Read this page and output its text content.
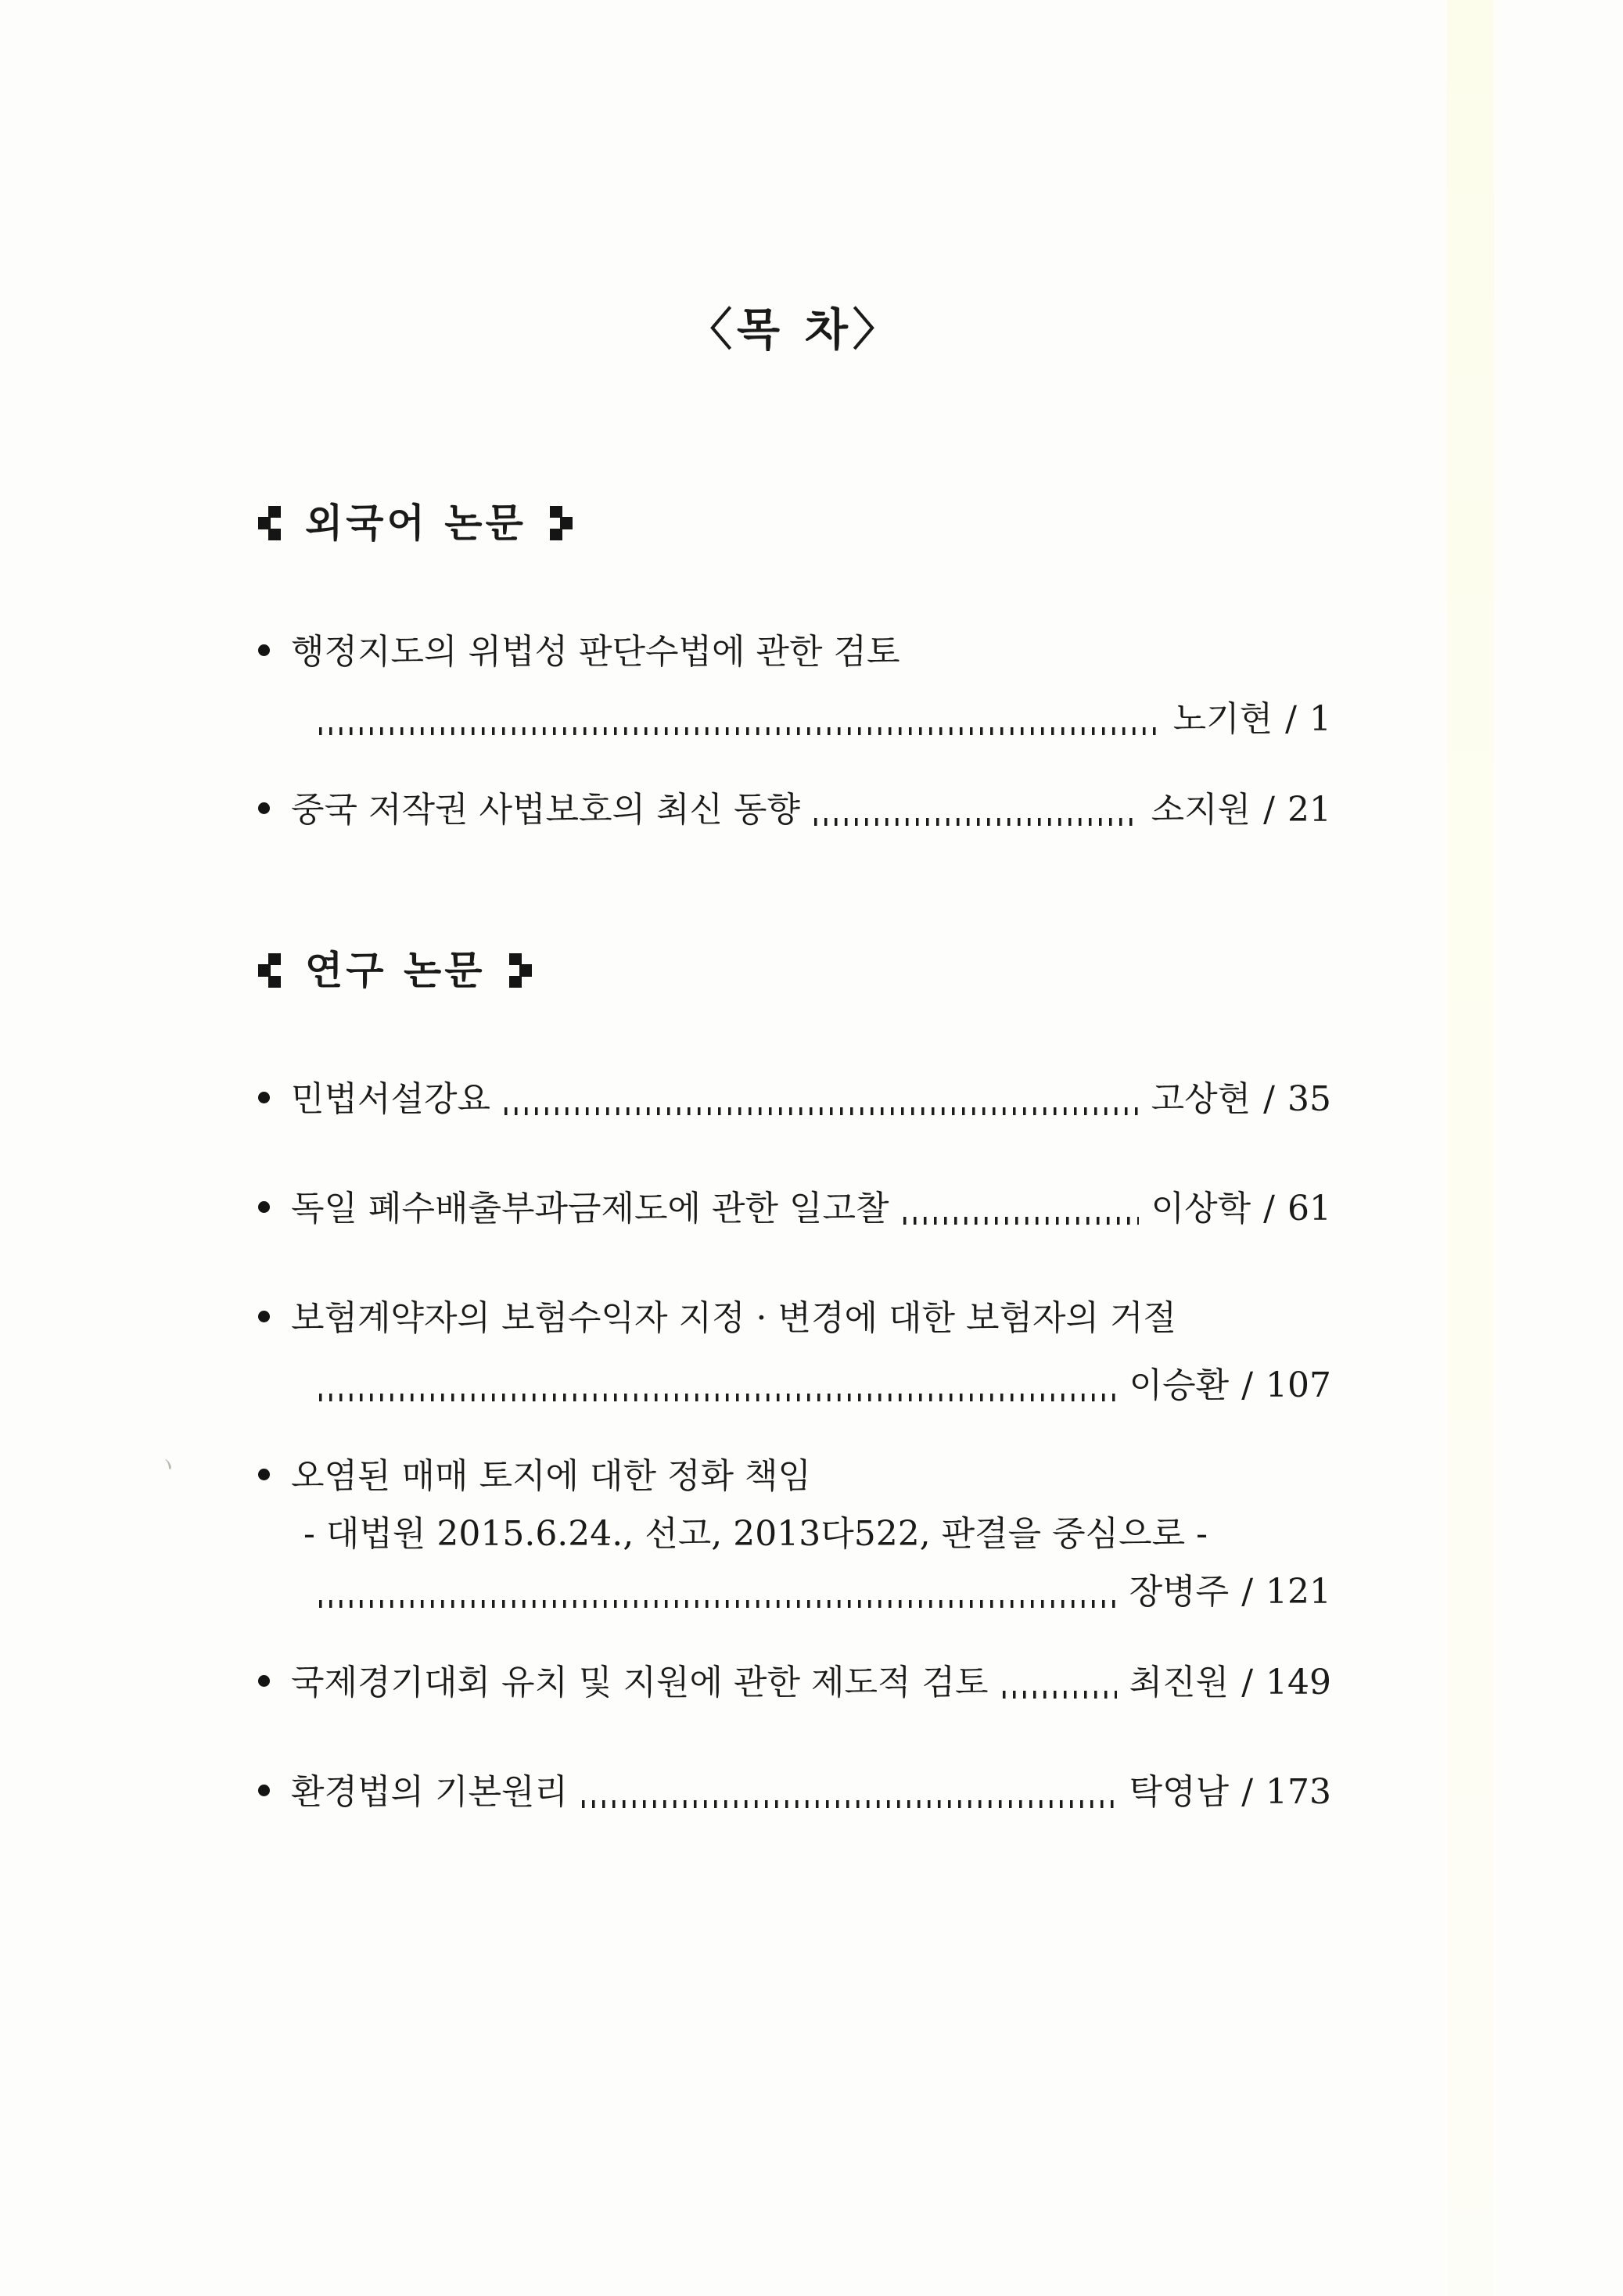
ヽ
〈목 차〉
외국어 논문
행정지도의 위법성 판단수법에 관한 검토
노기현 / 1
중국 저작권 사법보호의 최신 동향	소지원 / 21
연구 논문
민법서설강요	고상현 / 35
독일 폐수배출부과금제도에 관한 일고찰	이상학 / 61
보험계약자의 보험수익자 지정 · 변경에 대한 보험자의 거절
이승환 / 107
오염된 매매 토지에 대한 정화 책임
- 대법원 2015.6.24., 선고, 2013다522, 판결을 중심으로 -
장병주 / 121
국제경기대회 유치 및 지원에 관한 제도적 검토	최진원 / 149
환경법의 기본원리	탁영남 / 173
